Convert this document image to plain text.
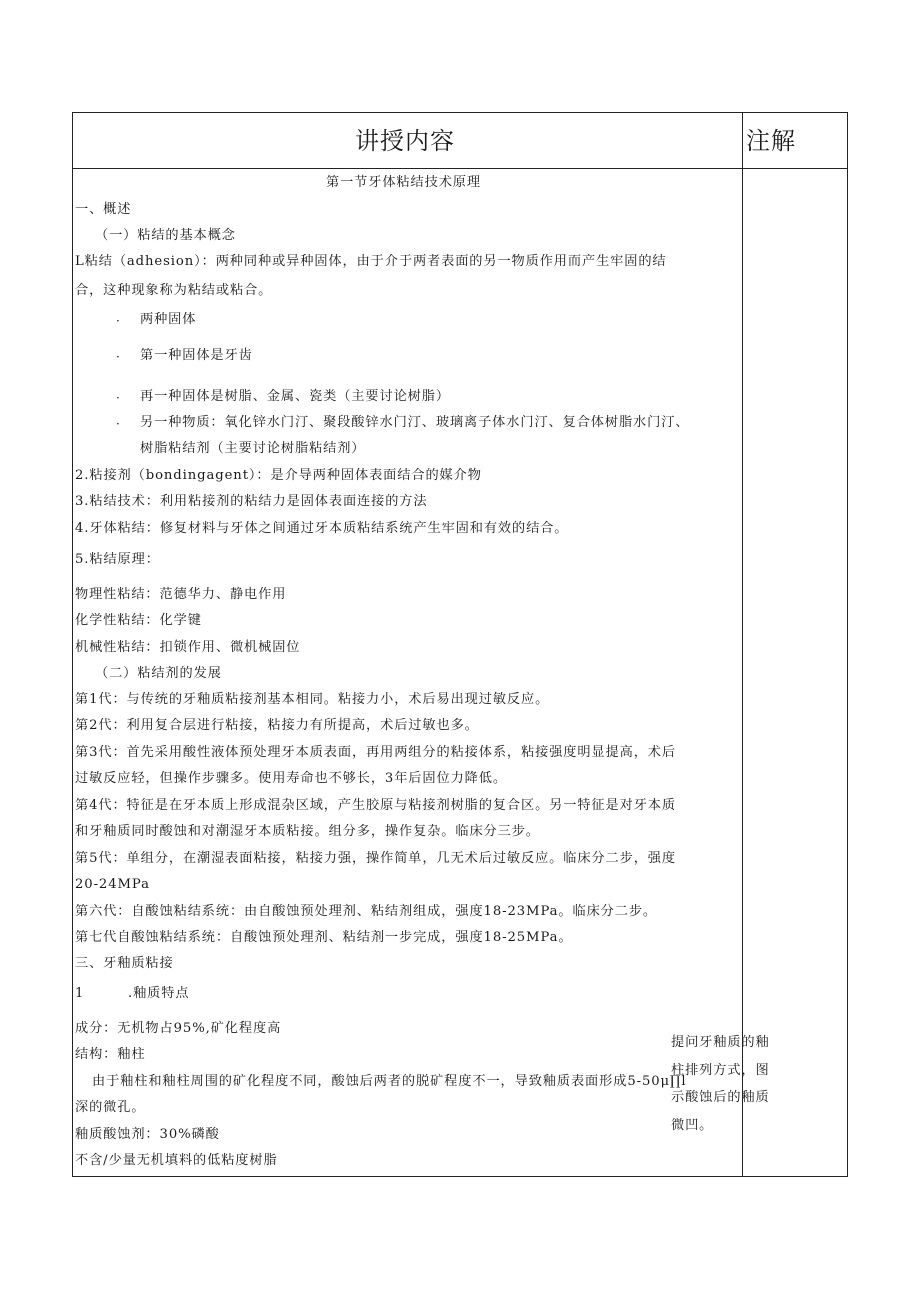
讲授内容	注解
第一节牙体粘结技术原理
一、概述
（一）粘结的基本概念
L粘结（adhesion）：两种同种或异种固体，由于介于两者表面的另一物质作用而产生牢固的结
合，这种现象称为粘结或粘合。
· 两种固体
· 第一种固体是牙齿
· 再一种固体是树脂、金属、瓷类（主要讨论树脂）
· 另一种物质：氧化锌水门汀、聚段酸锌水门汀、玻璃离子体水门汀、复合体树脂水门汀、
树脂粘结剂（主要讨论树脂粘结剂）
2.粘接剂（bondingagent）：是介导两种固体表面结合的媒介物
3.粘结技术：利用粘接剂的粘结力是固体表面连接的方法
4.牙体粘结：修复材料与牙体之间通过牙本质粘结系统产生牢固和有效的结合。
5.粘结原理：
物理性粘结：范德华力、静电作用
化学性粘结：化学键
机械性粘结：扣锁作用、微机械固位
（二）粘结剂的发展
第1代：与传统的牙釉质粘接剂基本相同。粘接力小，术后易出现过敏反应。
第2代：利用复合层进行粘接，粘接力有所提高，术后过敏也多。
第3代：首先采用酸性液体预处理牙本质表面，再用两组分的粘接体系，粘接强度明显提高，术后
过敏反应轻，但操作步骤多。使用寿命也不够长，3年后固位力降低。
第4代：特征是在牙本质上形成混杂区域，产生胶原与粘接剂树脂的复合区。另一特征是对牙本质
和牙釉质同时酸蚀和对潮湿牙本质粘接。组分多，操作复杂。临床分三步。
第5代：单组分，在潮湿表面粘接，粘接力强，操作简单，几无术后过敏反应。临床分二步，强度
20-24MPa
第六代：自酸蚀粘结系统：由自酸蚀预处理剂、粘结剂组成，强度18-23MPa。临床分二步。
第七代自酸蚀粘结系统：自酸蚀预处理剂、粘结剂一步完成，强度18-25MPa。
三、牙釉质粘接
1	.釉质特点
成分：无机物占95%,矿化程度高
结构：釉柱
由于釉柱和釉柱周围的矿化程度不同，酸蚀后两者的脱矿程度不一，导致釉质表面形成5-50μ∏l
深的微孔。
釉质酸蚀剂：30%磷酸
不含/少量无机填料的低粘度树脂
提问牙釉质的釉柱排列方式，图示酸蚀后的釉质微凹。
